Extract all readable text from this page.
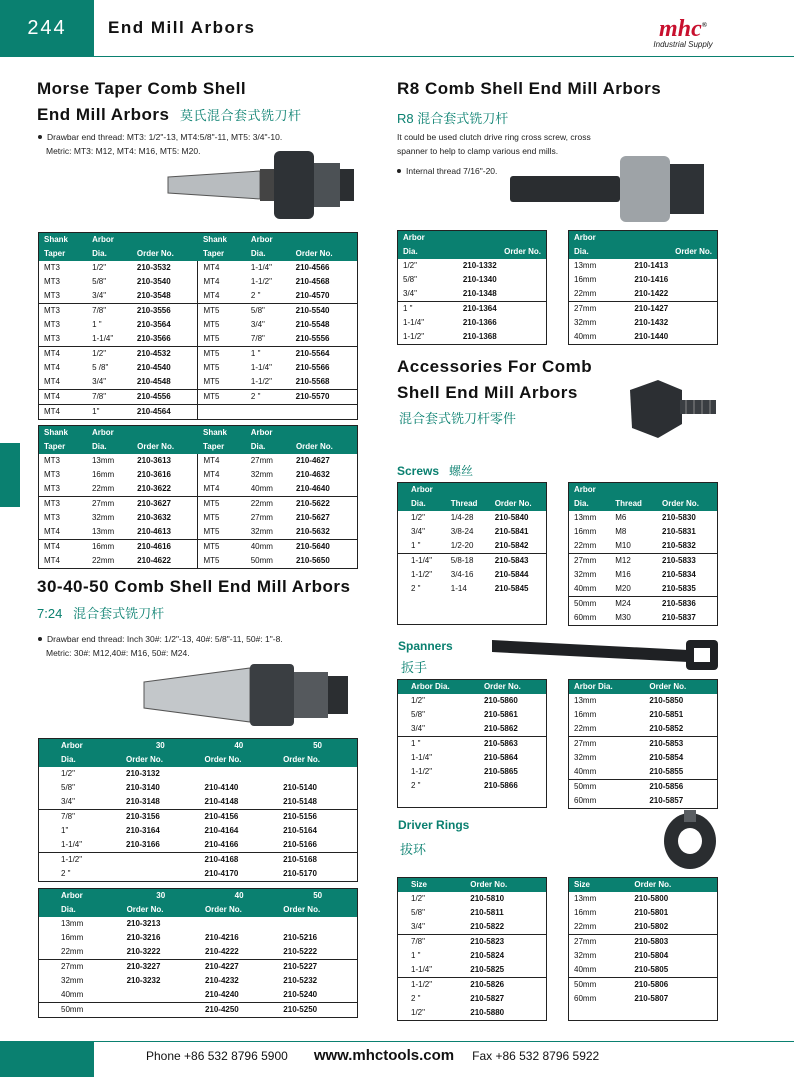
244	End Mill Arbors	mhc®
Industrial Supply
Morse Taper Comb Shell
End Mill Arbors 莫氏混合套式铣刀杆
Drawbar end thread: MT3: 1/2"-13, MT4:5/8"-11, MT5: 3/4"-10.
Metric: MT3: M12, MT4: M16, MT5: M20.
Shank	Arbor		Shank	Arbor	
Taper	Dia.	Order No.	Taper	Dia.	Order No.
MT3	1/2"	210-3532	MT4	1-1/4"	210-4566
MT3	5/8"	210-3540	MT4	1-1/2"	210-4568
MT3	3/4"	210-3548	MT4	2 "	210-4570
MT3	7/8"	210-3556	MT5	5/8"	210-5540
MT3	1 "	210-3564	MT5	3/4"	210-5548
MT3	1-1/4"	210-3566	MT5	7/8"	210-5556
MT4	1/2"	210-4532	MT5	1 "	210-5564
MT4	5 /8"	210-4540	MT5	1-1/4"	210-5566
MT4	3/4"	210-4548	MT5	1-1/2"	210-5568
MT4	7/8"	210-4556	MT5	2 "	210-5570
MT4	1"	210-4564			
Shank	Arbor		Shank	Arbor	
Taper	Dia.	Order No.	Taper	Dia.	Order No.
MT3	13mm	210-3613	MT4	27mm	210-4627
MT3	16mm	210-3616	MT4	32mm	210-4632
MT3	22mm	210-3622	MT4	40mm	210-4640
MT3	27mm	210-3627	MT5	22mm	210-5622
MT3	32mm	210-3632	MT5	27mm	210-5627
MT4	13mm	210-4613	MT5	32mm	210-5632
MT4	16mm	210-4616	MT5	40mm	210-5640
MT4	22mm	210-4622	MT5	50mm	210-5650
30-40-50 Comb Shell End Mill Arbors
7:24 混合套式铣刀杆
Drawbar end thread: Inch 30#: 1/2"-13, 40#: 5/8"-11, 50#: 1"-8.
Metric: 30#: M12,40#: M16, 50#: M24.
Arbor	30	40	50
Dia.	Order No.	Order No.	Order No.
1/2"	210-3132		
5/8"	210-3140	210-4140	210-5140
3/4"	210-3148	210-4148	210-5148
7/8"	210-3156	210-4156	210-5156
1"	210-3164	210-4164	210-5164
1-1/4"	210-3166	210-4166	210-5166
1-1/2"		210-4168	210-5168
2 "		210-4170	210-5170
Arbor	30	40	50
Dia.	Order No.	Order No.	Order No.
13mm	210-3213		
16mm	210-3216	210-4216	210-5216
22mm	210-3222	210-4222	210-5222
27mm	210-3227	210-4227	210-5227
32mm	210-3232	210-4232	210-5232
40mm		210-4240	210-5240
50mm		210-4250	210-5250
R8 Comb Shell End Mill Arbors
R8 混合套式铣刀杆
It could be used clutch drive ring cross screw, cross
spanner to help to clamp various end mills.
Internal thread 7/16"-20.
Arbor	
Dia.	Order No.
1/2"	210-1332
5/8"	210-1340
3/4"	210-1348
1 "	210-1364
1-1/4"	210-1366
1-1/2"	210-1368
Arbor	
Dia.	Order No.
13mm	210-1413
16mm	210-1416
22mm	210-1422
27mm	210-1427
32mm	210-1432
40mm	210-1440
Accessories For Comb
Shell End Mill Arbors
混合套式铣刀杆零件
Screws 螺丝
Arbor		
Dia.	Thread	Order No.
1/2"	1/4-28	210-5840
3/4"	3/8-24	210-5841
1 "	1/2-20	210-5842
1-1/4"	5/8-18	210-5843
1-1/2"	3/4-16	210-5844
2 "	1-14	210-5845

Arbor		
Dia.	Thread	Order No.
13mm	M6	210-5830
16mm	M8	210-5831
22mm	M10	210-5832
27mm	M12	210-5833
32mm	M16	210-5834
40mm	M20	210-5835
50mm	M24	210-5836
60mm	M30	210-5837
Spanners
扳手
Arbor Dia.	Order No.
1/2"	210-5860
5/8"	210-5861
3/4"	210-5862
1 "	210-5863
1-1/4"	210-5864
1-1/2"	210-5865
2 "	210-5866

Arbor Dia.	Order No.
13mm	210-5850
16mm	210-5851
22mm	210-5852
27mm	210-5853
32mm	210-5854
40mm	210-5855
50mm	210-5856
60mm	210-5857
Driver Rings
拔环
Size	Order No.
1/2"	210-5810
5/8"	210-5811
3/4"	210-5822
7/8"	210-5823
1 "	210-5824
1-1/4"	210-5825
1-1/2"	210-5826
2 "	210-5827
1/2"	210-5880
Size	Order No.
13mm	210-5800
16mm	210-5801
22mm	210-5802
27mm	210-5803
32mm	210-5804
40mm	210-5805
50mm	210-5806
60mm	210-5807

Phone +86 532 8796 5900 www.mhctools.com Fax +86 532 8796 5922
